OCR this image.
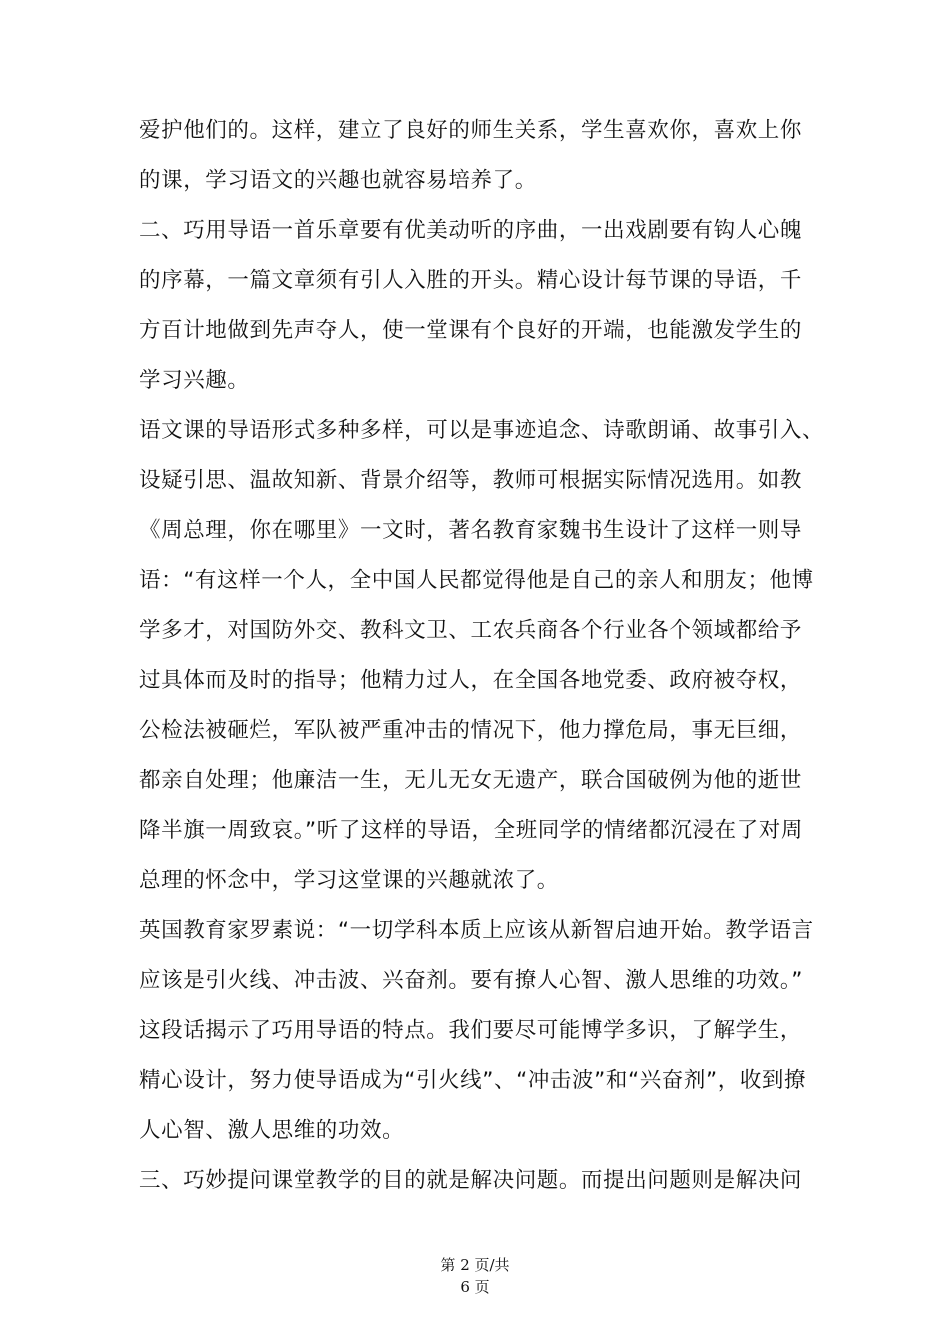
爱护他们的。这样，建立了良好的师生关系，学生喜欢你，喜欢上你
的课，学习语文的兴趣也就容易培养了。
二、巧用导语一首乐章要有优美动听的序曲，一出戏剧要有钩人心魄
的序幕，一篇文章须有引人入胜的开头。精心设计每节课的导语，千
方百计地做到先声夺人，使一堂课有个良好的开端，也能激发学生的
学习兴趣。
语文课的导语形式多种多样，可以是事迹追念、诗歌朗诵、故事引入、
设疑引思、温故知新、背景介绍等，教师可根据实际情况选用。如教
《周总理，你在哪里》一文时，著名教育家魏书生设计了这样一则导
语：“有这样一个人，全中国人民都觉得他是自己的亲人和朋友；他博
学多才，对国防外交、教科文卫、工农兵商各个行业各个领域都给予
过具体而及时的指导；他精力过人，在全国各地党委、政府被夺权，
公检法被砸烂，军队被严重冲击的情况下，他力撑危局，事无巨细，
都亲自处理；他廉洁一生，无儿无女无遗产，联合国破例为他的逝世
降半旗一周致哀。”听了这样的导语，全班同学的情绪都沉浸在了对周
总理的怀念中，学习这堂课的兴趣就浓了。
英国教育家罗素说：“一切学科本质上应该从新智启迪开始。教学语言
应该是引火线、冲击波、兴奋剂。要有撩人心智、激人思维的功效。”
这段话揭示了巧用导语的特点。我们要尽可能博学多识，了解学生，
精心设计，努力使导语成为“引火线”、“冲击波”和“兴奋剂”，收到撩
人心智、激人思维的功效。
三、巧妙提问课堂教学的目的就是解决问题。而提出问题则是解决问
第 2 页/共
6 页
